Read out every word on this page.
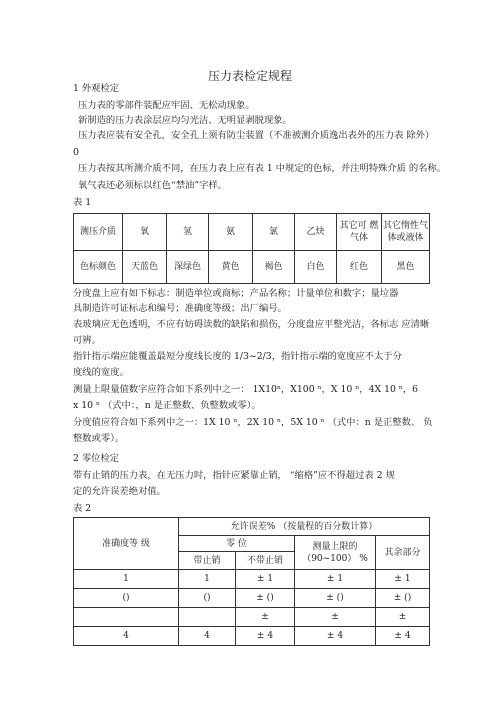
压力表检定规程
1 外观检定
压力表的零部件装配应牢固、无松动现象。
新制造的压力表涂层应均匀光洁、无明显剥脱现象。
压力表应装有安全孔，安全孔上须有防尘装置（不准被测介质逸出表外的压力表 除外）
0
压力表按其所测介质不同，在压力表上应有表 1 中规定的色标，并注明特殊介质 的名称。
氧气表还必须标以红色“禁油”字样。
表 1
测压介质	氧	氢	氨	氯	乙炔	其它可 燃气体	其它惰性气体或液体
色标颜色	天蓝色	深绿色	黄色	褐色	白色	红色	黑色
分度盘上应有如下标志：制造单位或商标；产品名称；计量单位和数字；量垃器
具制造许可证标志和编号；准确度等级；出厂编号。
表玻璃应无色透明，不应有妨碍读数的缺陷和损伤，分度盘应平整光洁，各标志 应清晰
可辨。
指针指示端应能覆盖最短分度线长度的 1/3~2/3，指针指示端的宽度应不太于分
度线的宽度。
测量上限量值数字应符合如下系列中之一： 1X10ⁿ，X100 ⁿ，X 10 ⁿ，4X 10 ⁿ，6
x 10 ⁿ （式中：，n 是正整数、负整数或零）。
分度值应符合如下系列中之一：1X 10 ⁿ，2X 10 ⁿ，5X 10 ⁿ （式中：n 是正整数、 负
整数或零）。
2 零位检定
带有止销的压力表，在无压力时，指针应紧靠止销， “缩格”应不得超过表 2 规
定的允许误差绝对值。
表 2
准确度等 级	允许误差% （按量程的百分数计算）			
	零 位		测量上限的
（90~100） %	其余部分
	带止销	不带止销		
1	1	± 1	± 1	± 1
()	()	± ()	± ()	± ()
		±	±	±
4	4	± 4	± 4	± 4
